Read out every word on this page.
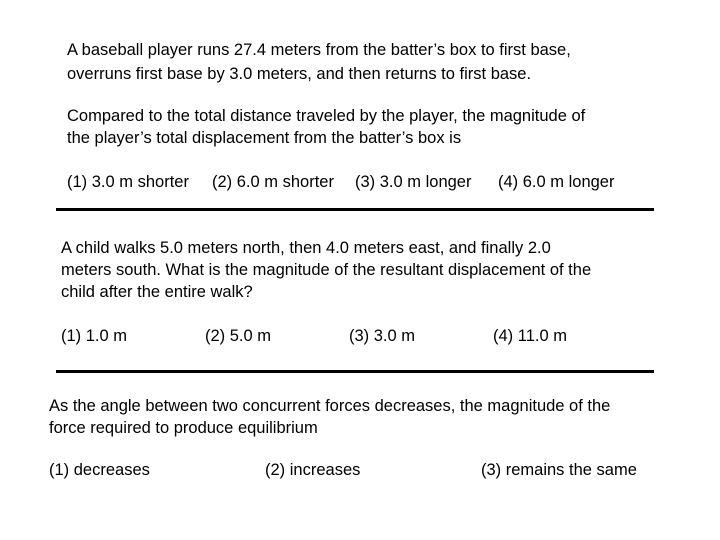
A baseball player runs 27.4 meters from the batter’s box to first base,
overruns first base by 3.0 meters, and then returns to first base.
Compared to the total distance traveled by the player, the magnitude of
the player’s total displacement from the batter’s box is
(1) 3.0 m shorter (2) 6.0 m shorter (3) 3.0 m longer (4) 6.0 m longer
A child walks 5.0 meters north, then 4.0 meters east, and finally 2.0
meters south. What is the magnitude of the resultant displacement of the
child after the entire walk?
(1) 1.0 m	(2) 5.0 m	(3) 3.0 m	(4) 11.0 m
As the angle between two concurrent forces decreases, the magnitude of the
force required to produce equilibrium
(1) decreases	(2) increases	(3) remains the same
